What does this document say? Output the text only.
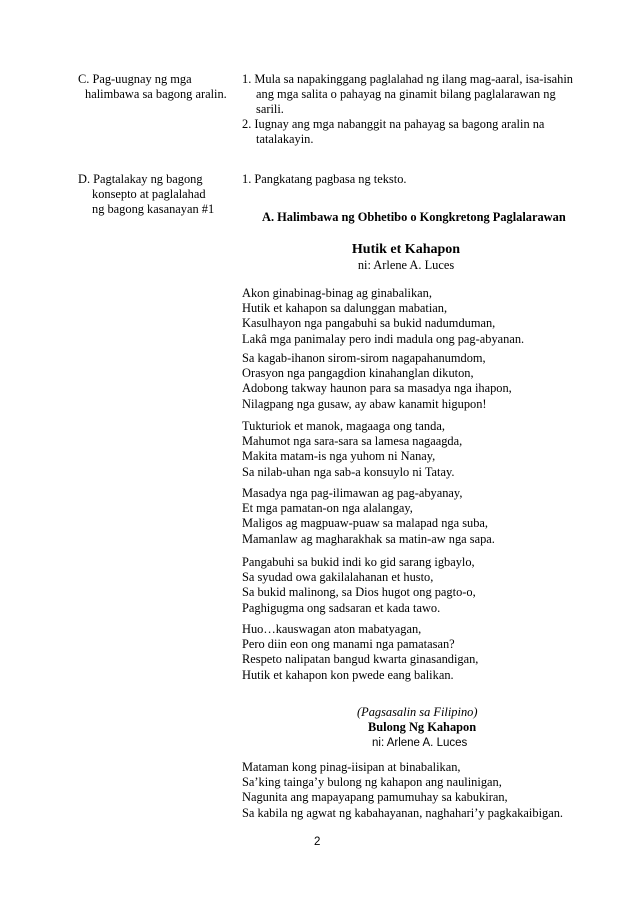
C. Pag-uugnay ng mga
halimbawa sa bagong aralin.
1. Mula sa napakinggang paglalahad ng ilang mag-aaral, isa-isahin
ang mga salita o pahayag na ginamit bilang paglalarawan ng
sarili.
2. Iugnay ang mga nabanggit na pahayag sa bagong aralin na
tatalakayin.
D. Pagtalakay ng bagong
konsepto at paglalahad
ng bagong kasanayan #1
1. Pangkatang pagbasa ng teksto.
A. Halimbawa ng Obhetibo o Kongkretong Paglalarawan
Hutik et Kahapon
ni: Arlene A. Luces
Akon ginabinag-binag ag ginabalikan,
Hutik et kahapon sa dalunggan mabatian,
Kasulhayon nga pangabuhi sa bukid nadumduman,
Lakâ mga panimalay pero indi madula ong pag-abyanan.
Sa kagab-ihanon sirom-sirom nagapahanumdom,
Orasyon nga pangagdion kinahanglan dikuton,
Adobong takway haunon para sa masadya nga ihapon,
Nilagpang nga gusaw, ay abaw kanamit higupon!
Tukturiok et manok, magaaga ong tanda,
Mahumot nga sara-sara sa lamesa nagaagda,
Makita matam-is nga yuhom ni Nanay,
Sa nilab-uhan nga sab-a konsuylo ni Tatay.
Masadya nga pag-ilimawan ag pag-abyanay,
Et mga pamatan-on nga alalangay,
Maligos ag magpuaw-puaw sa malapad nga suba,
Mamanlaw ag magharakhak sa matin-aw nga sapa.
Pangabuhi sa bukid indi ko gid sarang igbaylo,
Sa syudad owa gakilalahanan et husto,
Sa bukid malinong, sa Dios hugot ong pagto-o,
Paghigugma ong sadsaran et kada tawo.
Huo…kauswagan aton mabatyagan,
Pero diin eon ong manami nga pamatasan?
Respeto nalipatan bangud kwarta ginasandigan,
Hutik et kahapon kon pwede eang balikan.
(Pagsasalin sa Filipino)
Bulong Ng Kahapon
ni: Arlene A. Luces
Mataman kong pinag-iisipan at binabalikan,
Sa’king tainga’y bulong ng kahapon ang naulinigan,
Nagunita ang mapayapang pamumuhay sa kabukiran,
Sa kabila ng agwat ng kabahayanan, naghahari’y pagkakaibigan.
2
